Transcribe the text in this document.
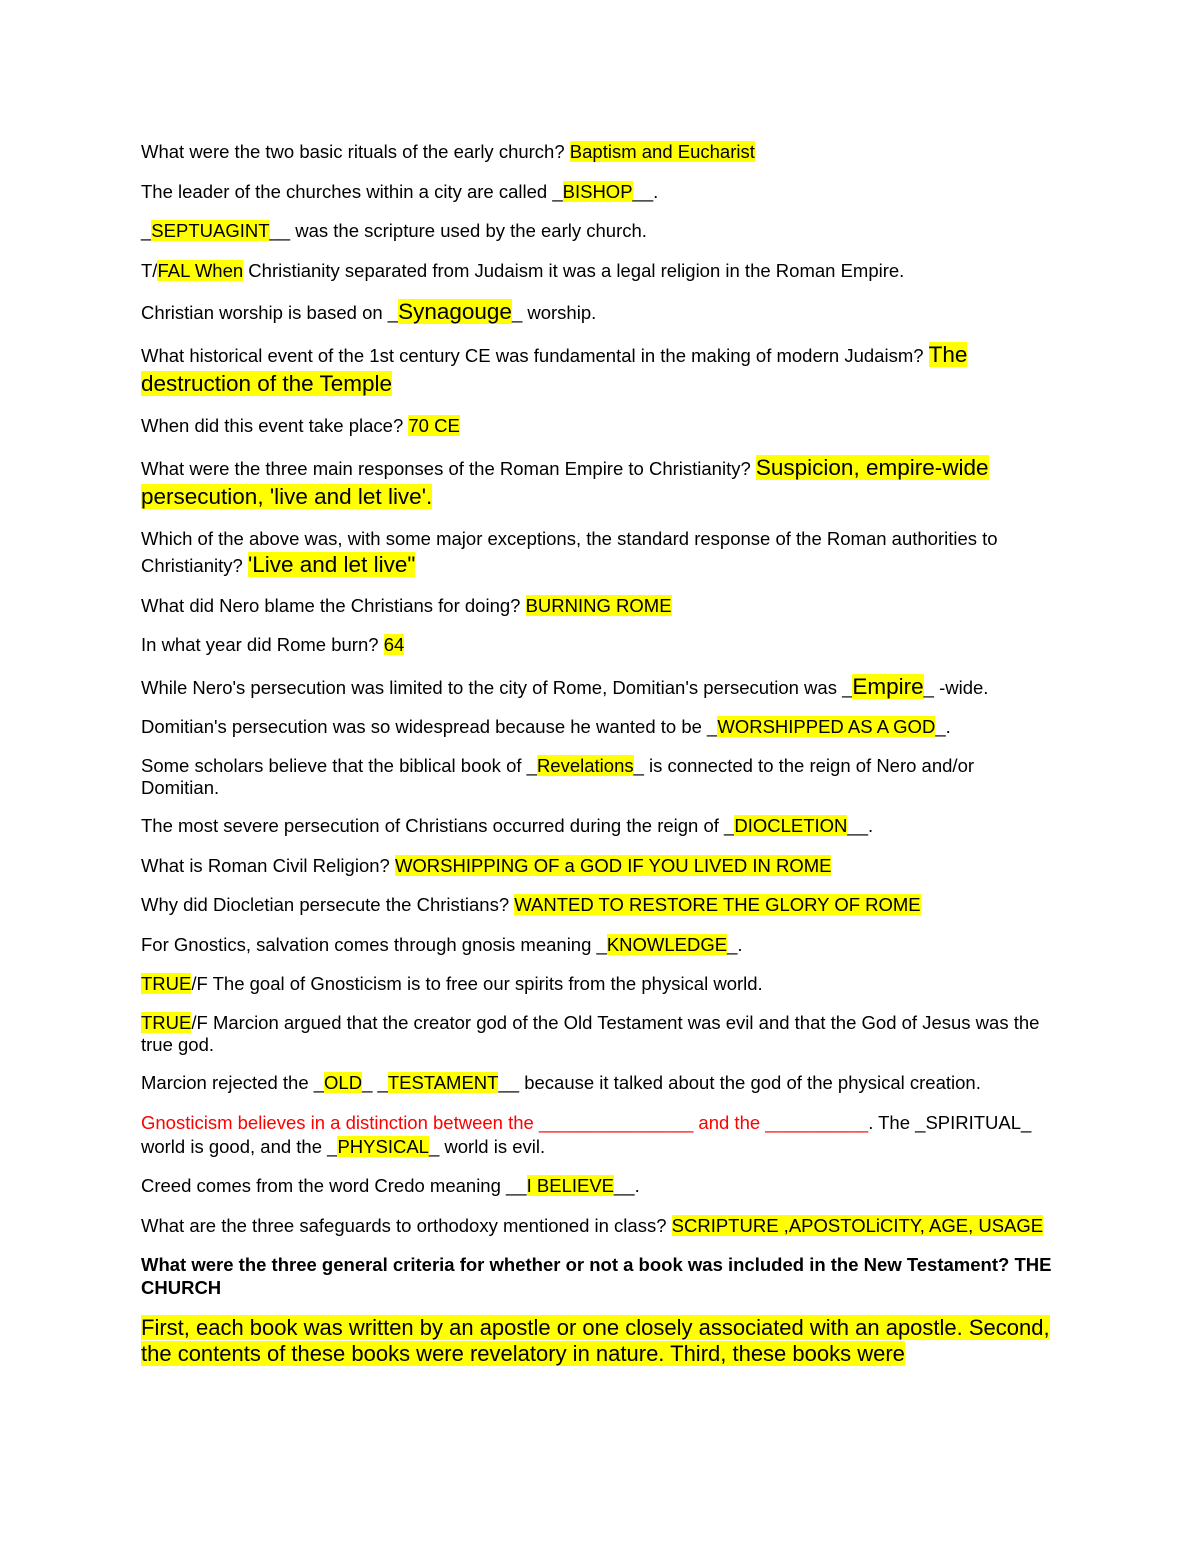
What were the two basic rituals of the early church? Baptism and Eucharist

The leader of the churches within a city are called _BISHOP__.

_SEPTUAGINT__ was the scripture used by the early church.

T/FAL When Christianity separated from Judaism it was a legal religion in the Roman Empire.

Christian worship is based on _Synagouge_ worship.

What historical event of the 1st century CE was fundamental in the making of modern Judaism? The
destruction of the Temple

When did this event take place? 70 CE

What were the three main responses of the Roman Empire to Christianity? Suspicion, empire-wide
persecution, 'live and let live'.

Which of the above was, with some major exceptions, the standard response of the Roman authorities to Christianity? 'Live and let live"

What did Nero blame the Christians for doing? BURNING ROME

In what year did Rome burn? 64

While Nero's persecution was limited to the city of Rome, Domitian's persecution was _Empire_ -wide.

Domitian's persecution was so widespread because he wanted to be _WORSHIPPED AS A GOD_.

Some scholars believe that the biblical book of _Revelations_ is connected to the reign of Nero and/or Domitian.

The most severe persecution of Christians occurred during the reign of _DIOCLETION__.

What is Roman Civil Religion? WORSHIPPING OF a GOD IF YOU LIVED IN ROME

Why did Diocletian persecute the Christians? WANTED TO RESTORE THE GLORY OF ROME

For Gnostics, salvation comes through gnosis meaning _KNOWLEDGE_.

TRUE/F The goal of Gnosticism is to free our spirits from the physical world.

TRUE/F Marcion argued that the creator god of the Old Testament was evil and that the God of Jesus was the true god.

Marcion rejected the _OLD_ _TESTAMENT__ because it talked about the god of the physical creation.

Gnosticism believes in a distinction between the _______________ and the __________. The _SPIRITUAL_ world is good, and the _PHYSICAL_ world is evil.

Creed comes from the word Credo meaning __I BELIEVE__.

What are the three safeguards to orthodoxy mentioned in class? SCRIPTURE ,APOSTOLiCITY, AGE, USAGE

What were the three general criteria for whether or not a book was included in the New Testament? THE CHURCH

First, each book was written by an apostle or one closely associated with an apostle. Second, the contents of these books were revelatory in nature. Third, these books were
